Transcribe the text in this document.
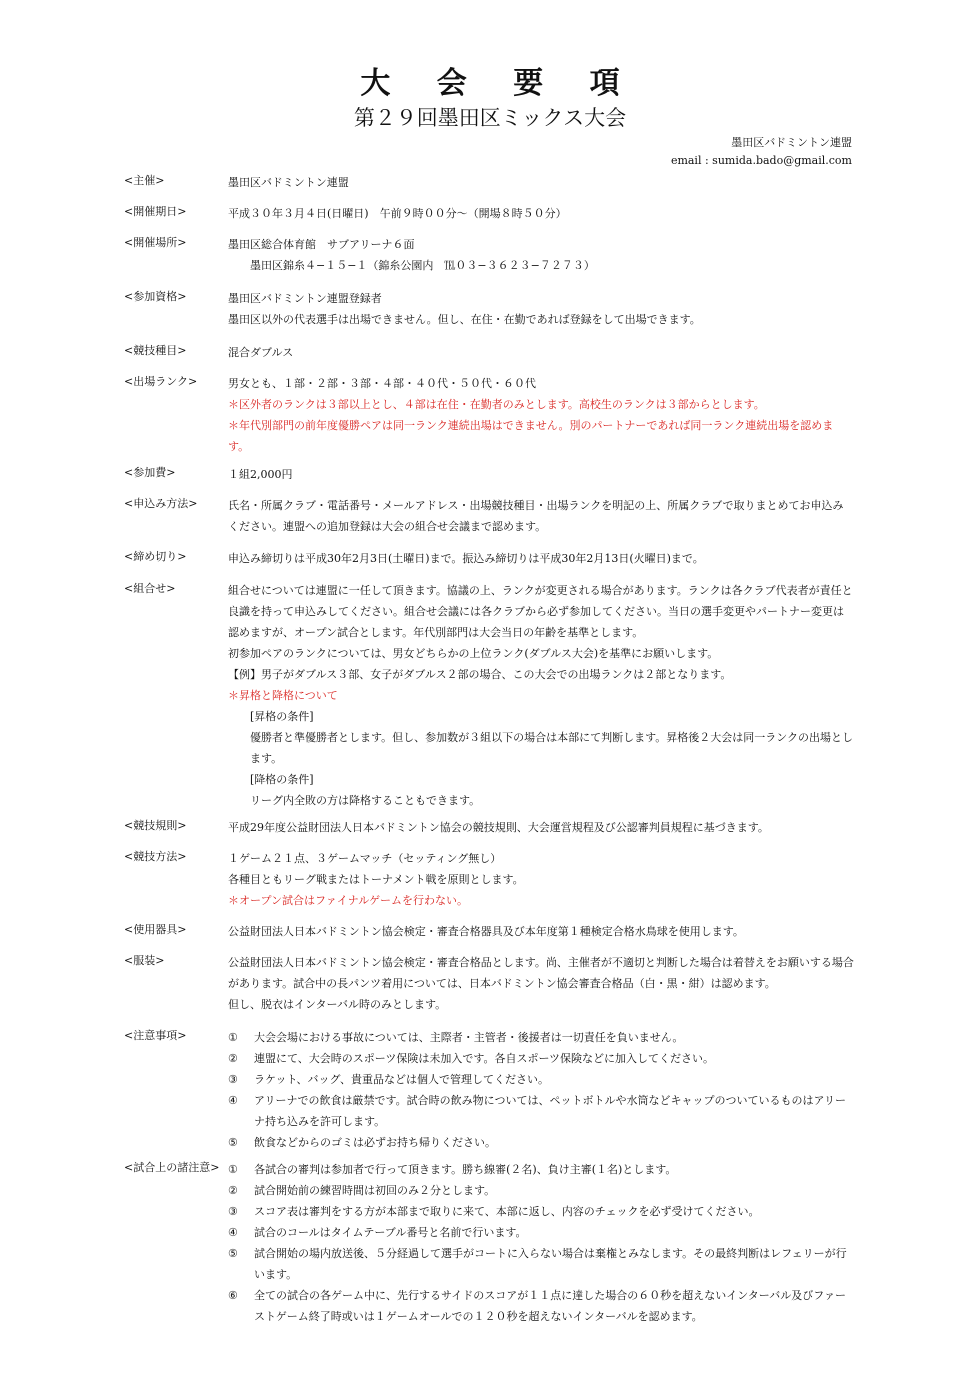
大 会 要 項
第２９回墨田区ミックス大会
墨田区バドミントン連盟
email : sumida.bado@gmail.com
<主催>	墨田区バドミントン連盟
<開催期日>	平成３０年３月４日(日曜日)　午前９時００分〜（開場８時５０分）
<開催場所>	墨田区総合体育館　サブアリーナ６面
墨田区錦糸４−１５−１（錦糸公園内　℡０３−３６２３−７２７３）
<参加資格>	墨田区バドミントン連盟登録者
墨田区以外の代表選手は出場できません。但し、在住・在勤であれば登録をして出場できます。
<競技種目>	混合ダブルス
<出場ランク>	男女とも、１部・２部・３部・４部・４０代・５０代・６０代
＊区外者のランクは３部以上とし、４部は在住・在勤者のみとします。高校生のランクは３部からとします。
＊年代別部門の前年度優勝ペアは同一ランク連続出場はできません。別のパートナーであれば同一ランク連続出場を認めます。
<参加費>	１組2,000円
<申込み方法>	氏名・所属クラブ・電話番号・メールアドレス・出場競技種目・出場ランクを明記の上、所属クラブで取りまとめてお申込みください。連盟への追加登録は大会の組合せ会議まで認めます。
<締め切り>	申込み締切りは平成30年2月3日(土曜日)まで。振込み締切りは平成30年2月13日(火曜日)まで。
<組合せ>	組合せについては連盟に一任して頂きます。協議の上、ランクが変更される場合があります。ランクは各クラブ代表者が責任と良識を持って申込みしてください。組合せ会議には各クラブから必ず参加してください。当日の選手変更やパートナー変更は認めますが、オープン試合とします。年代別部門は大会当日の年齢を基準とします。
初参加ペアのランクについては、男女どちらかの上位ランク(ダブルス大会)を基準にお願いします。
【例】男子がダブルス３部、女子がダブルス２部の場合、この大会での出場ランクは２部となります。
＊昇格と降格について
[昇格の条件]
優勝者と準優勝者とします。但し、参加数が３組以下の場合は本部にて判断します。昇格後２大会は同一ランクの出場とします。
[降格の条件]
リーグ内全敗の方は降格することもできます。
<競技規則>	平成29年度公益財団法人日本バドミントン協会の競技規則、大会運営規程及び公認審判員規程に基づきます。
<競技方法>	１ゲーム２１点、３ゲームマッチ（セッティング無し）
各種目ともリーグ戦またはトーナメント戦を原則とします。
＊オープン試合はファイナルゲームを行わない。
<使用器具>	公益財団法人日本バドミントン協会検定・審査合格器具及び本年度第１種検定合格水鳥球を使用します。
<服装>	公益財団法人日本バドミントン協会検定・審査合格品とします。尚、主催者が不適切と判断した場合は着替えをお願いする場合があります。試合中の長パンツ着用については、日本バドミントン協会審査合格品（白・黒・紺）は認めます。
但し、脱衣はインターバル時のみとします。
<注意事項>	① 大会会場における事故については、主際者・主管者・後援者は一切責任を負いません。
② 連盟にて、大会時のスポーツ保険は未加入です。各自スポーツ保険などに加入してください。
③ ラケット、バッグ、貴重品などは個人で管理してください。
④ アリーナでの飲食は厳禁です。試合時の飲み物については、ペットボトルや水筒などキャップのついているものはアリーナ持ち込みを許可します。
⑤ 飲食などからのゴミは必ずお持ち帰りください。
<試合上の諸注意> ① 各試合の審判は参加者で行って頂きます。勝ち線審(２名)、負け主審(１名)とします。
② 試合開始前の練習時間は初回のみ２分とします。
③ スコア表は審判をする方が本部まで取りに来て、本部に返し、内容のチェックを必ず受けてください。
④ 試合のコールはタイムテーブル番号と名前で行います。
⑤ 試合開始の場内放送後、５分経過して選手がコートに入らない場合は棄権とみなします。その最終判断はレフェリーが行います。
⑥ 全ての試合の各ゲーム中に、先行するサイドのスコアが１１点に達した場合の６０秒を超えないインターバル及びファーストゲーム終了時或いは１ゲームオールでの１２０秒を超えないインターバルを認めます。
